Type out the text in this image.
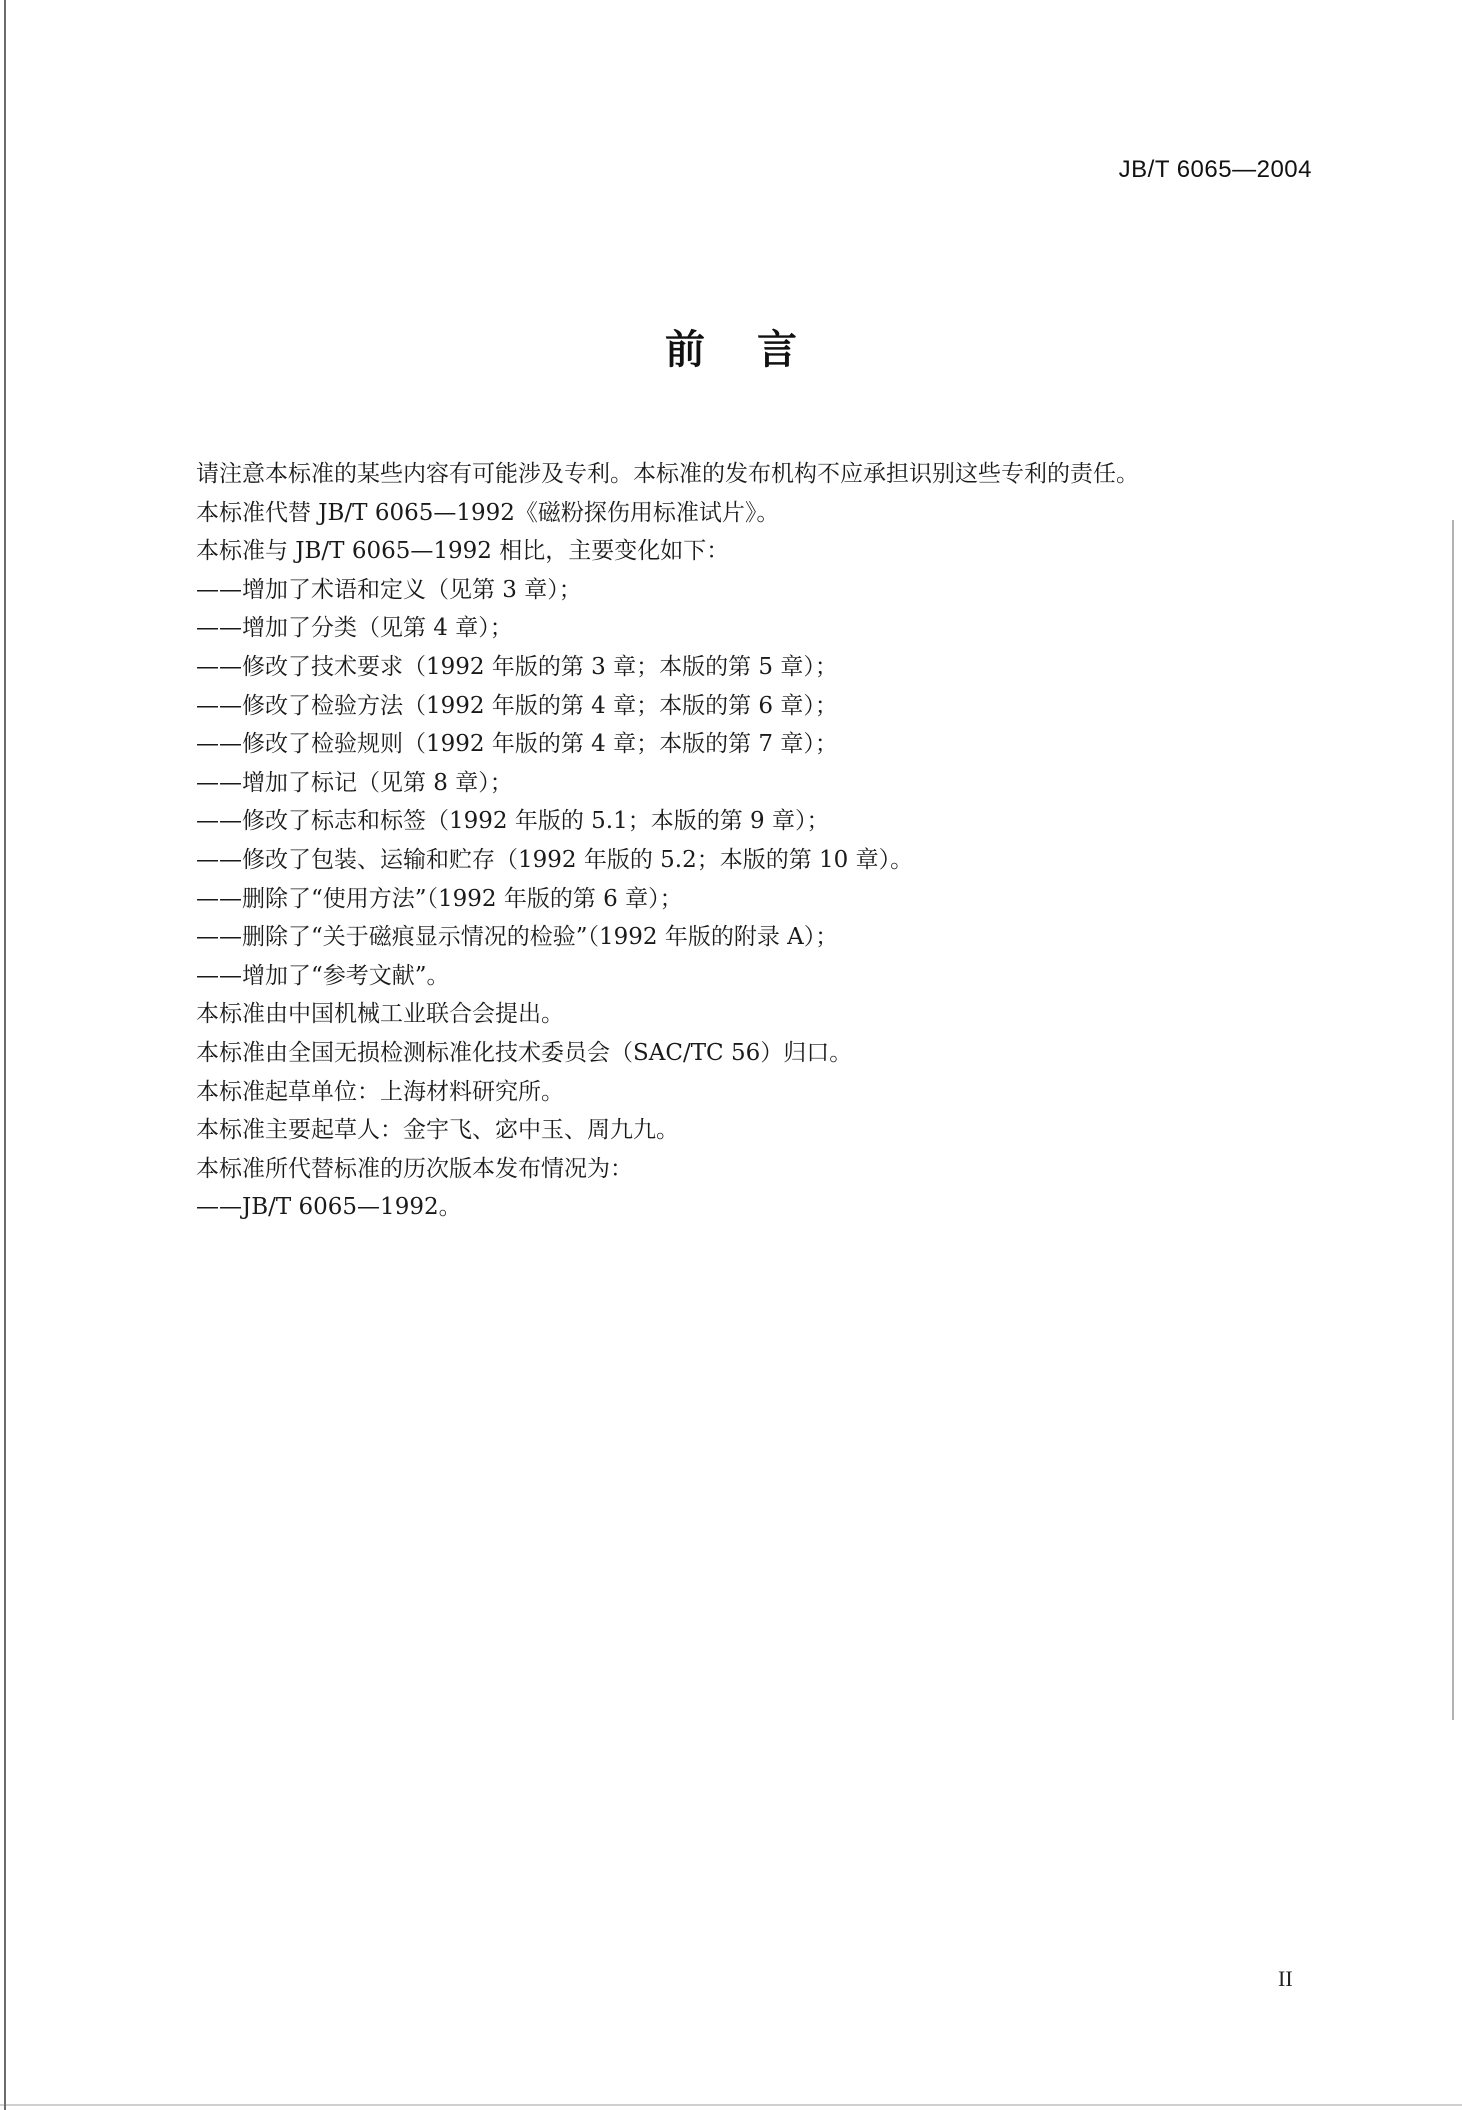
JB/T 6065—2004
前言
请注意本标准的某些内容有可能涉及专利。本标准的发布机构不应承担识别这些专利的责任。
本标准代替 JB/T 6065—1992《磁粉探伤用标准试片》。
本标准与 JB/T 6065—1992 相比，主要变化如下：
——增加了术语和定义（见第 3 章）；
——增加了分类（见第 4 章）；
——修改了技术要求（1992 年版的第 3 章；本版的第 5 章）；
——修改了检验方法（1992 年版的第 4 章；本版的第 6 章）；
——修改了检验规则（1992 年版的第 4 章；本版的第 7 章）；
——增加了标记（见第 8 章）；
——修改了标志和标签（1992 年版的 5.1；本版的第 9 章）；
——修改了包装、运输和贮存（1992 年版的 5.2；本版的第 10 章）。
——删除了“使用方法”（1992 年版的第 6 章）；
——删除了“关于磁痕显示情况的检验”（1992 年版的附录 A）；
——增加了“参考文献”。
本标准由中国机械工业联合会提出。
本标准由全国无损检测标准化技术委员会（SAC/TC 56）归口。
本标准起草单位：上海材料研究所。
本标准主要起草人：金宇飞、宓中玉、周九九。
本标准所代替标准的历次版本发布情况为：
——JB/T 6065—1992。
II
